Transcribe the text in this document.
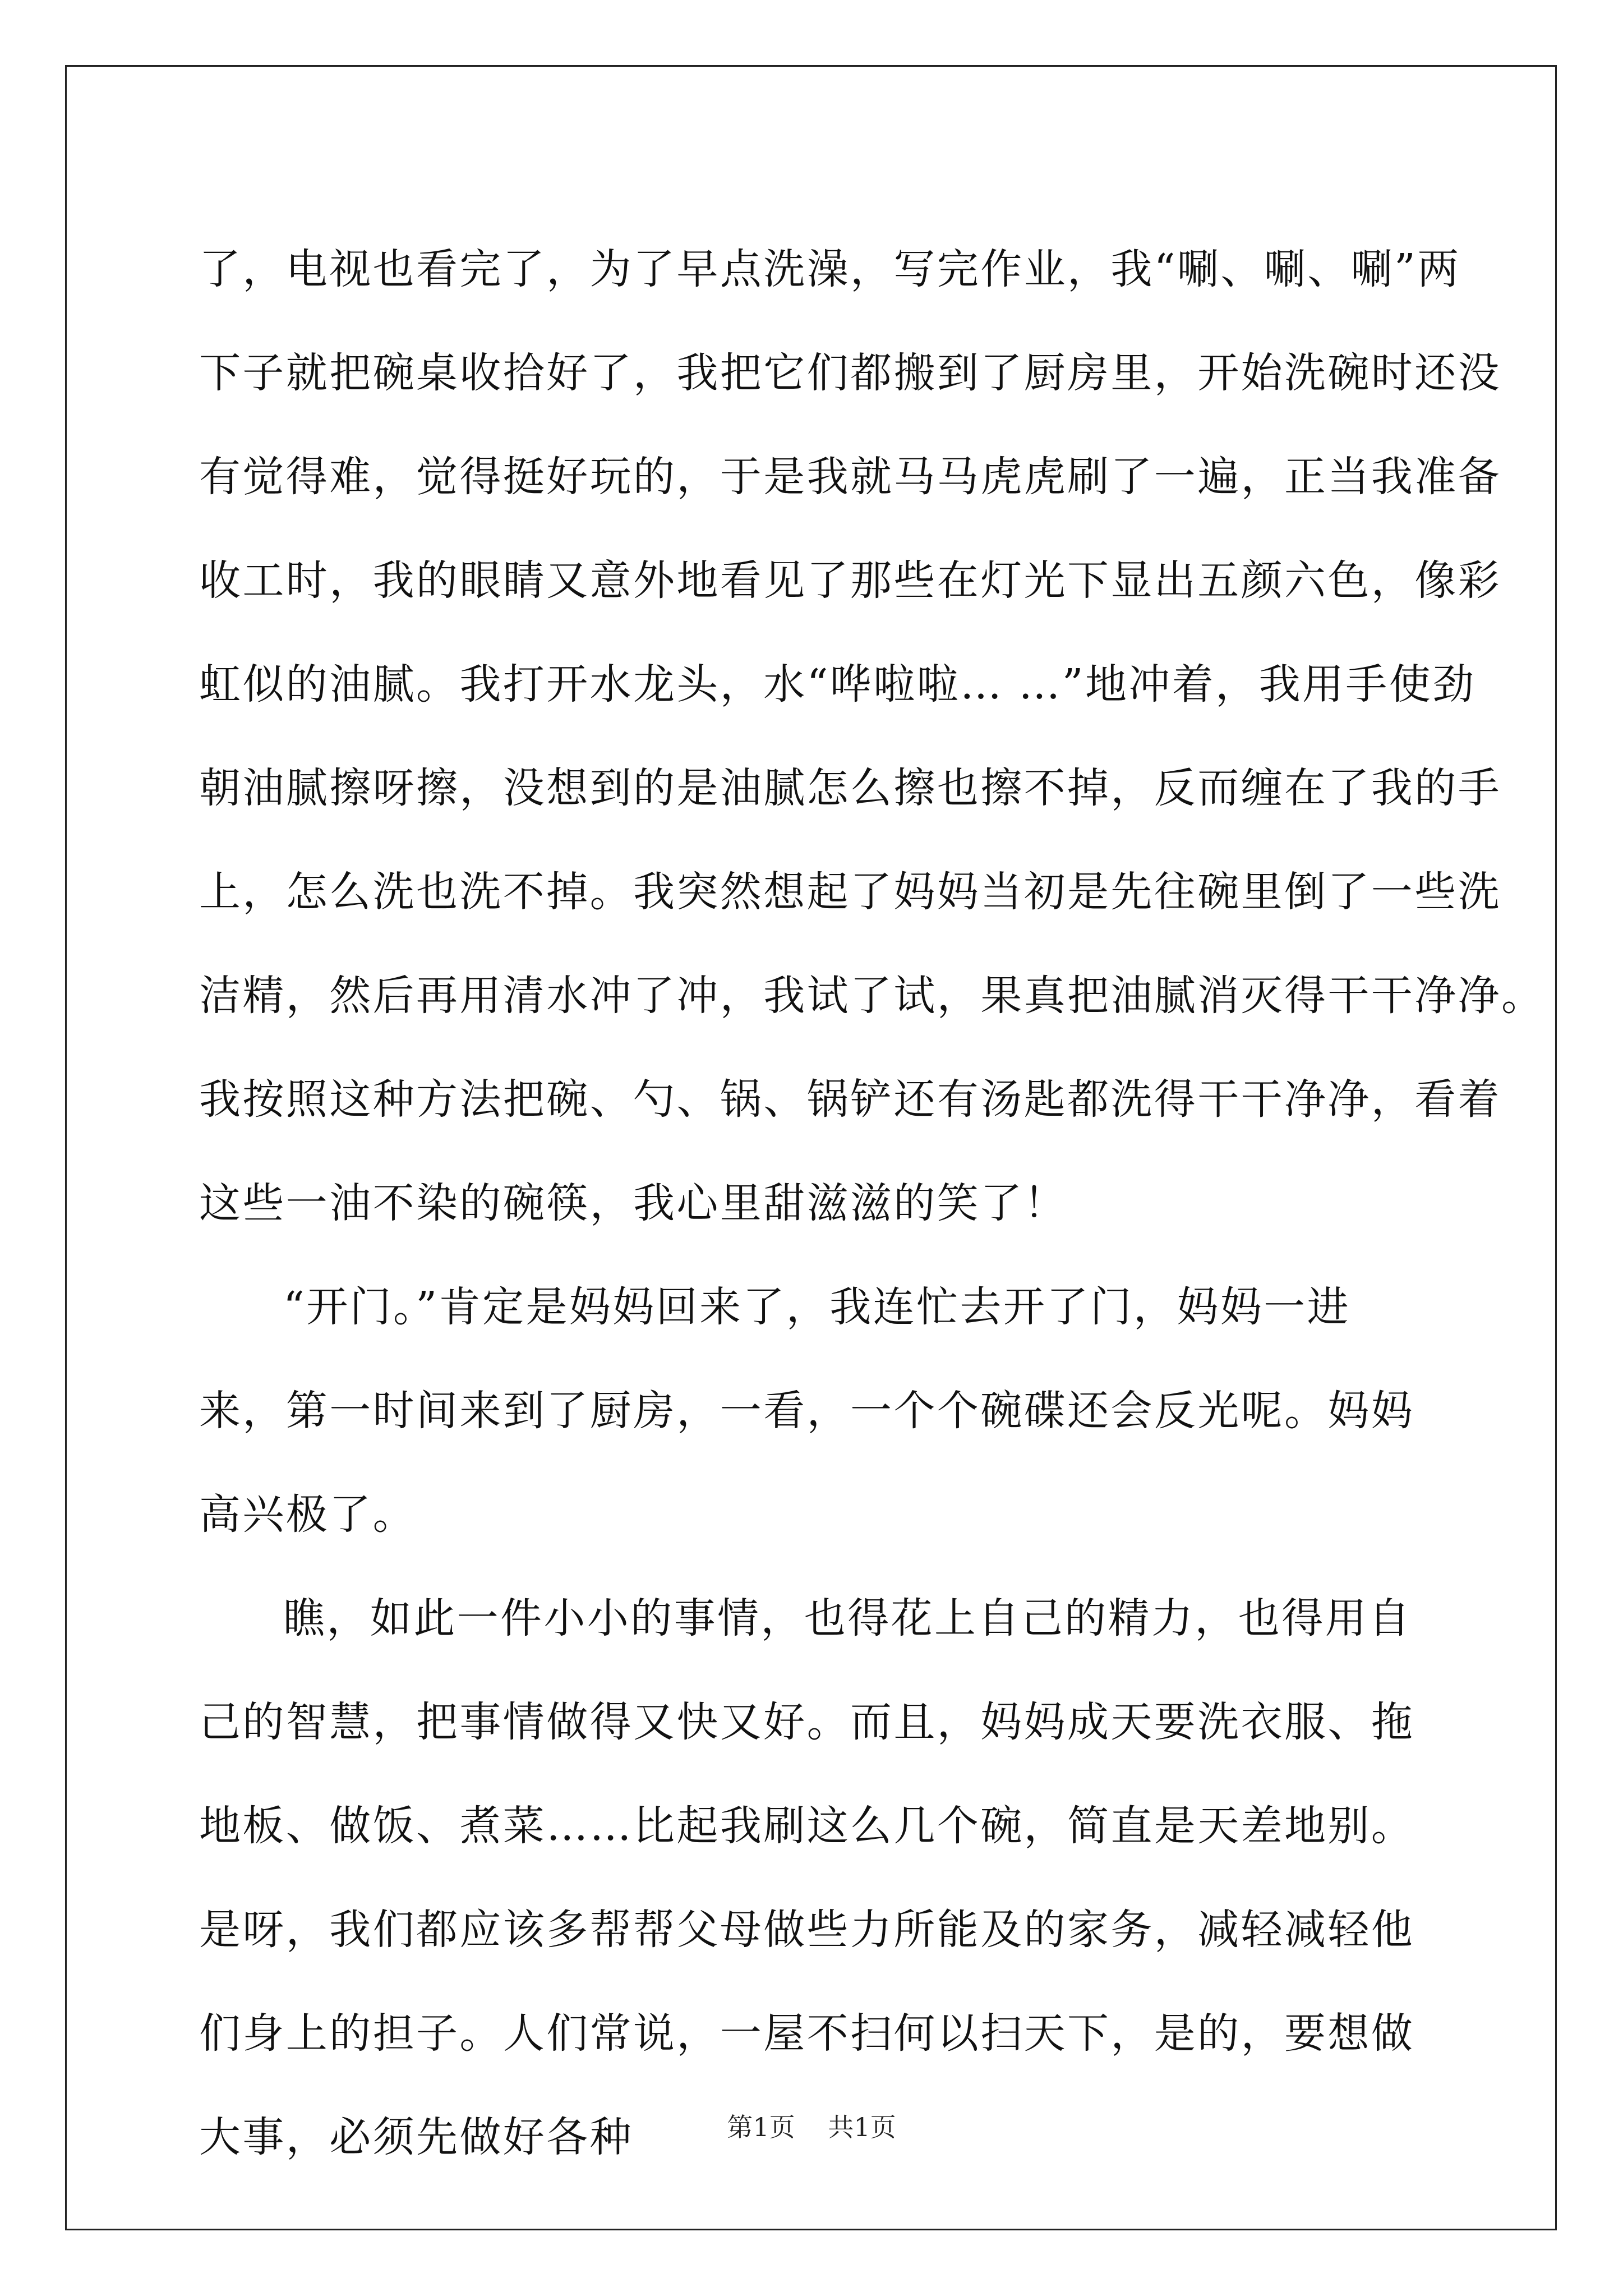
了，电视也看完了，为了早点洗澡，写完作业，我“唰、唰、唰”两

下子就把碗桌收拾好了，我把它们都搬到了厨房里，开始洗碗时还没

有觉得难，觉得挺好玩的，于是我就马马虎虎刷了一遍，正当我准备

收工时，我的眼睛又意外地看见了那些在灯光下显出五颜六色，像彩

虹似的油腻。我打开水龙头，水“哗啦啦… …”地冲着，我用手使劲

朝油腻擦呀擦，没想到的是油腻怎么擦也擦不掉，反而缠在了我的手

上，怎么洗也洗不掉。我突然想起了妈妈当初是先往碗里倒了一些洗

洁精，然后再用清水冲了冲，我试了试，果真把油腻消灭得干干净净。

我按照这种方法把碗、勺、锅、锅铲还有汤匙都洗得干干净净，看着

这些一油不染的碗筷，我心里甜滋滋的笑了！

“开门。”肯定是妈妈回来了，我连忙去开了门，妈妈一进来，第一时间来到了厨房，一看，一个个碗碟还会反光呢。妈妈高兴极了。

瞧，如此一件小小的事情，也得花上自己的精力，也得用自己的智慧，把事情做得又快又好。而且，妈妈成天要洗衣服、拖地板、做饭、煮菜……比起我刷这么几个碗，简直是天差地别。是呀，我们都应该多帮帮父母做些力所能及的家务，减轻减轻他们身上的担子。人们常说，一屋不扫何以扫天下，是的，要想做大事，必须先做好各种	第1页 共1页
